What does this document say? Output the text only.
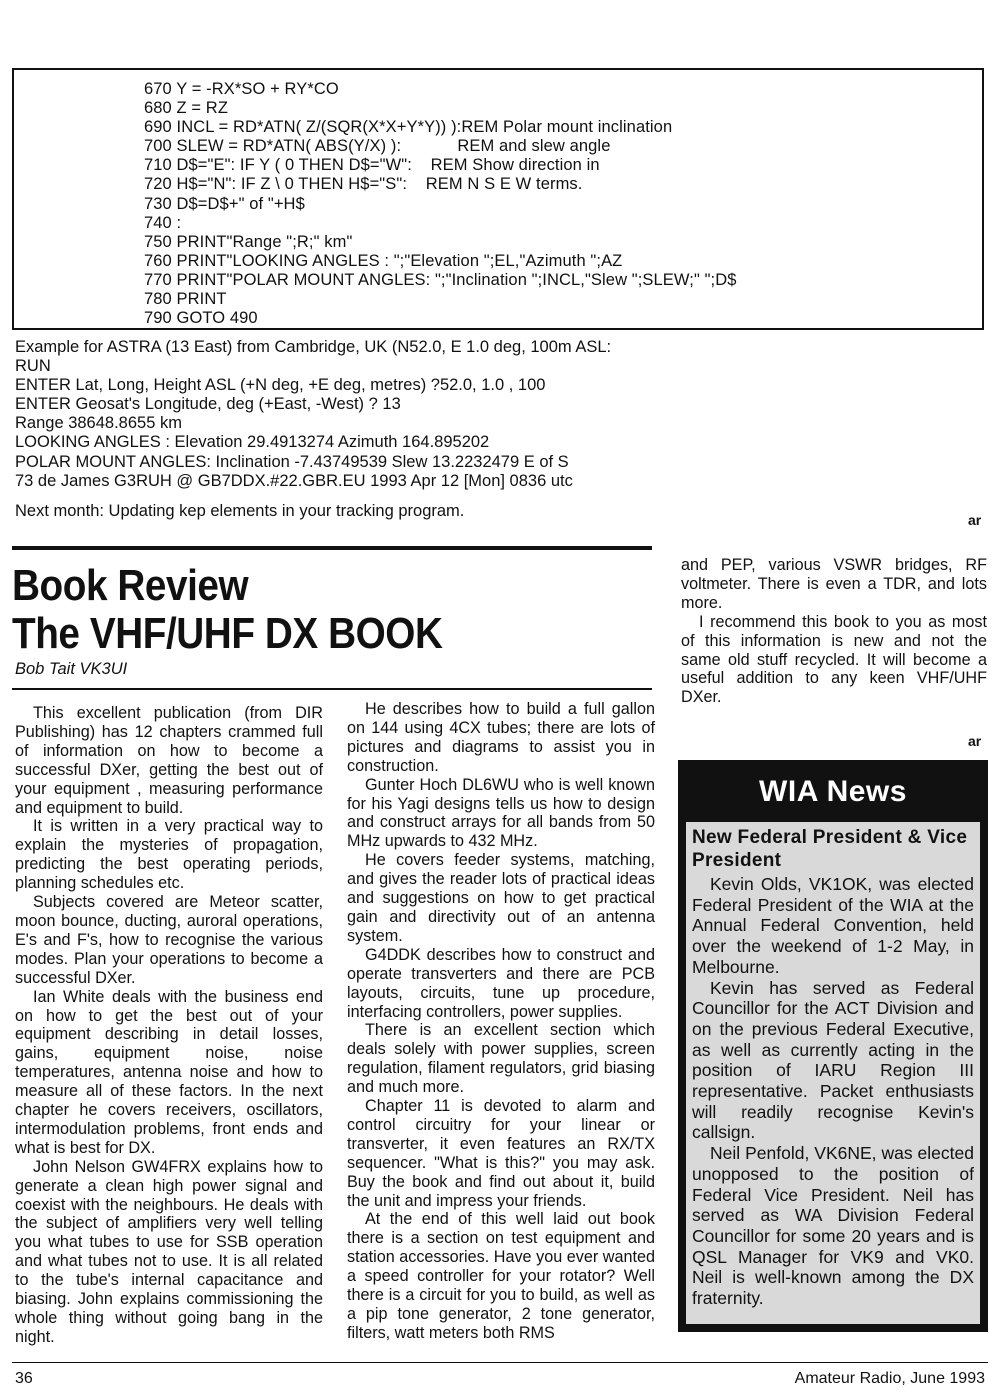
670 Y = -RX*SO + RY*CO
680 Z = RZ
690 INCL = RD*ATN( Z/(SQR(X*X+Y*Y)) ):REM Polar mount inclination
700 SLEW = RD*ATN( ABS(Y/X) ):            REM and slew angle
710 D$="E": IF Y ( 0 THEN D$="W":    REM Show direction in
720 H$="N": IF Z \ 0 THEN H$="S":    REM N S E W terms.
730 D$=D$+" of "+H$
740 :
750 PRINT"Range ";R;" km"
760 PRINT"LOOKING ANGLES : ";"Elevation ";EL,"Azimuth ";AZ
770 PRINT"POLAR MOUNT ANGLES: ";"Inclination ";INCL,"Slew ";SLEW;" ";D$
780 PRINT
790 GOTO 490
Example for ASTRA (13 East) from Cambridge, UK (N52.0, E 1.0 deg, 100m ASL:
RUN
ENTER Lat, Long, Height ASL (+N deg, +E deg, metres) ?52.0, 1.0 , 100
ENTER Geosat's Longitude, deg (+East, -West) ? 13
Range 38648.8655 km
LOOKING ANGLES : Elevation 29.4913274 Azimuth 164.895202
POLAR MOUNT ANGLES: Inclination -7.43749539 Slew 13.2232479 E of S
73 de James G3RUH @ GB7DDX.#22.GBR.EU 1993 Apr 12 [Mon] 0836 utc
Next month: Updating kep elements in your tracking program.	ar
Book Review
The VHF/UHF DX BOOK
Bob Tait VK3UI

This excellent publication (from DIR Publishing) has 12 chapters crammed full of information on how to become a successful DXer, getting the best out of your equipment , measuring performance and equipment to build.

It is written in a very practical way to explain the mysteries of propagation, predicting the best operating periods, planning schedules etc.

Subjects covered are Meteor scatter, moon bounce, ducting, auroral operations, E's and F's, how to recognise the various modes. Plan your operations to become a successful DXer.

Ian White deals with the business end on how to get the best out of your equipment describing in detail losses, gains, equipment noise, noise temperatures, antenna noise and how to measure all of these factors. In the next chapter he covers receivers, oscillators, intermodulation problems, front ends and what is best for DX.

John Nelson GW4FRX explains how to generate a clean high power signal and coexist with the neighbours. He deals with the subject of amplifiers very well telling you what tubes to use for SSB operation and what tubes not to use. It is all related to the tube's internal capacitance and biasing. John explains commissioning the whole thing without going bang in the night.

He describes how to build a full gallon on 144 using 4CX tubes; there are lots of pictures and diagrams to assist you in construction.

Gunter Hoch DL6WU who is well known for his Yagi designs tells us how to design and construct arrays for all bands from 50 MHz upwards to 432 MHz.

He covers feeder systems, matching, and gives the reader lots of practical ideas and suggestions on how to get practical gain and directivity out of an antenna system.

G4DDK describes how to construct and operate transverters and there are PCB layouts, circuits, tune up procedure, interfacing controllers, power supplies.

There is an excellent section which deals solely with power supplies, screen regulation, filament regulators, grid biasing and much more.

Chapter 11 is devoted to alarm and control circuitry for your linear or transverter, it even features an RX/TX sequencer. "What is this?" you may ask. Buy the book and find out about it, build the unit and impress your friends.

At the end of this well laid out book there is a section on test equipment and station accessories. Have you ever wanted a speed controller for your rotator? Well there is a circuit for you to build, as well as a pip tone generator, 2 tone generator, filters, watt meters both RMS

and PEP, various VSWR bridges, RF voltmeter. There is even a TDR, and lots more.

I recommend this book to you as most of this information is new and not the same old stuff recycled. It will become a useful addition to any keen VHF/UHF DXer.

ar
WIA News
New Federal President & Vice President

Kevin Olds, VK1OK, was elected Federal President of the WIA at the Annual Federal Convention, held over the weekend of 1-2 May, in Melbourne.

Kevin has served as Federal Councillor for the ACT Division and on the previous Federal Executive, as well as currently acting in the position of IARU Region III representative. Packet enthusiasts will readily recognise Kevin's callsign.

Neil Penfold, VK6NE, was elected unopposed to the position of Federal Vice President. Neil has served as WA Division Federal Councillor for some 20 years and is QSL Manager for VK9 and VK0. Neil is well-known among the DX fraternity.

36	Amateur Radio, June 1993
